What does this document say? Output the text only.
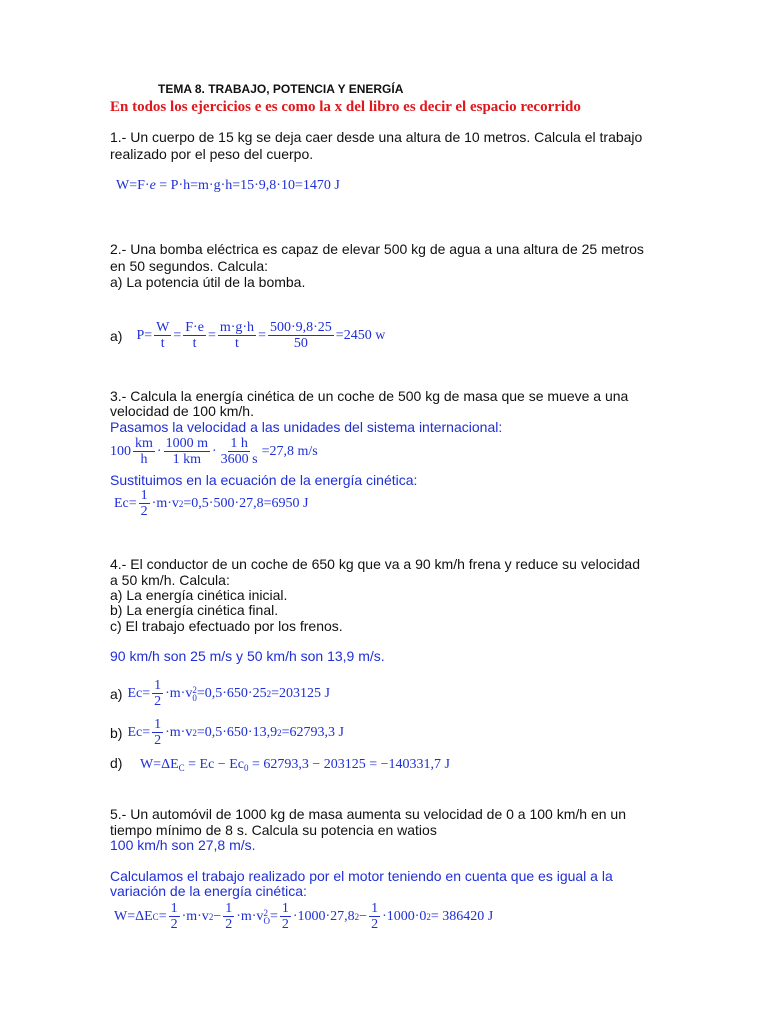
TEMA 8. TRABAJO, POTENCIA Y ENERGÍA
En todos los ejercicios e es como la x del libro es decir el espacio recorrido
1.- Un cuerpo de 15 kg se deja caer desde una altura de 10 metros. Calcula el trabajo
realizado por el peso del cuerpo.
W=F·e = P·h=m·g·h=15·9,8·10=1470 J
2.- Una bomba eléctrica es capaz de elevar 500 kg de agua a una altura de 25 metros
en 50 segundos. Calcula:
a) La potencia útil de la bomba.
a) $P= \frac{W}{t} = \frac{F\cdot e}{t} = \frac{m\cdot g\cdot h}{t} = \frac{500\cdot 9,8\cdot 25}{50} =2450$ w
3.- Calcula la energía cinética de un coche de 500 kg de masa que se mueve a una
velocidad de 100 km/h.
Pasamos la velocidad a las unidades del sistema internacional:
$100 \frac{km}{h} \cdot \frac{1000 m}{1 km} \cdot \frac{1 h}{3600 s} =27,8$ m/s
Sustituimos en la ecuación de la energía cinética:
$Ec= \frac{1}{2} \cdot m\cdot v$ 2 =0,5·500·27,8=6950 J
4.- El conductor de un coche de 650 kg que va a 90 km/h frena y reduce su velocidad
a 50 km/h. Calcula:
a) La energía cinética inicial.
b) La energía cinética final.
c) El trabajo efectuado por los frenos.
90 km/h son 25 m/s y 50 km/h son 13,9 m/s.
a) $Ec= \frac{1}{2} \cdot m\cdot v$ 2
0 =0,5·650·25 2 =203125 J
b) $Ec= \frac{1}{2} \cdot m\cdot v$ 2 =0,5·650·13,9 2 =62793,3 J
d) $W=\Delta E_C = Ec - Ec_0 = 62793,3 - 203125 = -140331,7$ J
5.- Un automóvil de 1000 kg de masa aumenta su velocidad de 0 a 100 km/h en un
tiempo mínimo de 8 s. Calcula su potencia en watios
100 km/h son 27,8 m/s.
Calculamos el trabajo realizado por el motor teniendo en cuenta que es igual a la
variación de la energía cinética:
W=ΔE $C = \frac{1}{2} \cdot m\cdot v$ $2 - \frac{1}{2} \cdot m\cdot v$ 2
$O = \frac{1}{2} \cdot 1000\cdot 27,8$ $2 - \frac{1}{2} \cdot 1000\cdot 0$ 2 = 386420 J
